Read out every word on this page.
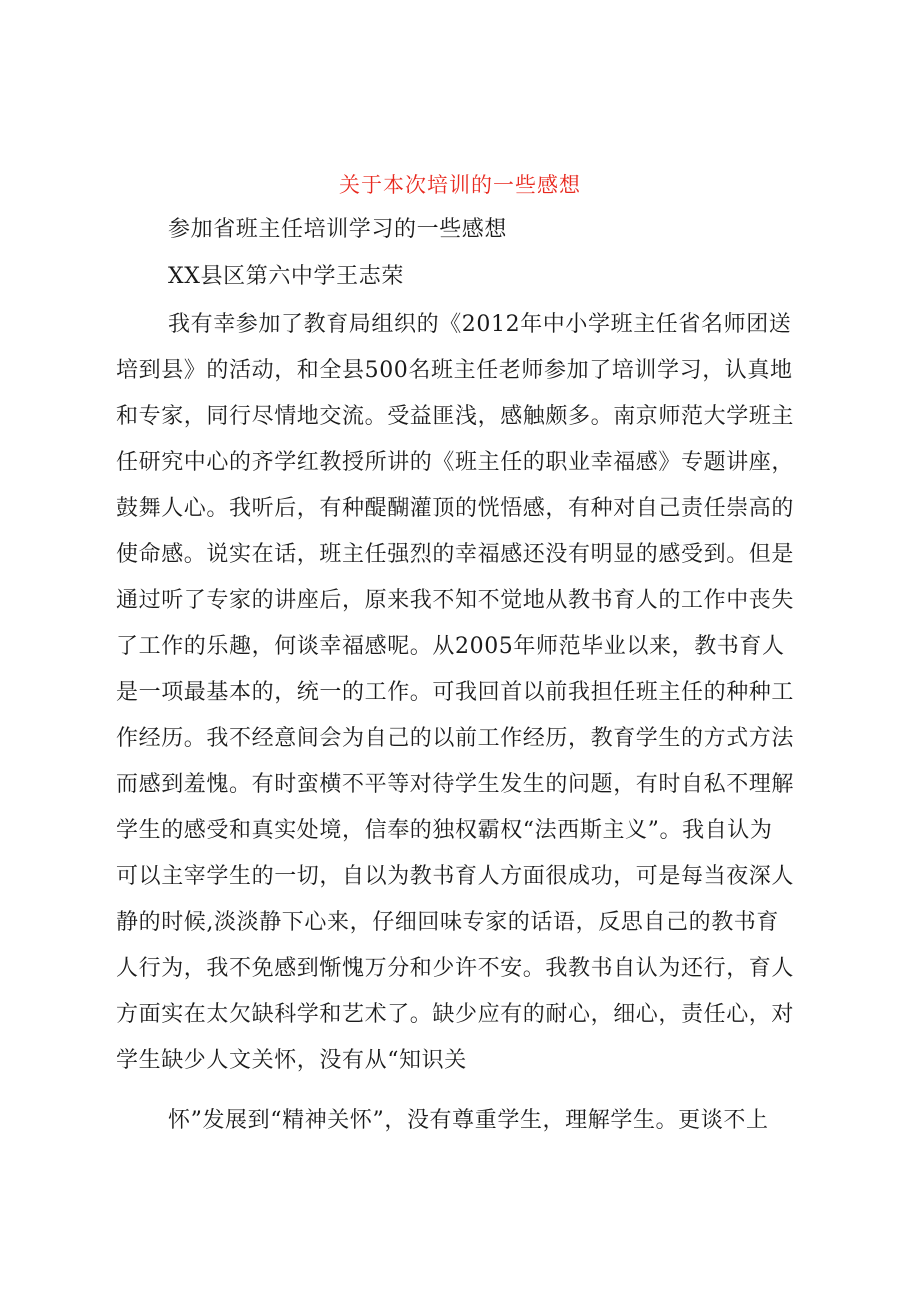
关于本次培训的一些感想
参加省班主任培训学习的一些感想
XX县区第六中学王志荣
我有幸参加了教育局组织的《2012年中小学班主任省名师团送
培到县》的活动，和全县500名班主任老师参加了培训学习，认真地
和专家，同行尽情地交流。受益匪浅，感触颇多。南京师范大学班主
任研究中心的齐学红教授所讲的《班主任的职业幸福感》专题讲座，
鼓舞人心。我听后，有种醍醐灌顶的恍悟感，有种对自己责任崇高的
使命感。说实在话，班主任强烈的幸福感还没有明显的感受到。但是
通过听了专家的讲座后，原来我不知不觉地从教书育人的工作中丧失
了工作的乐趣，何谈幸福感呢。从2005年师范毕业以来，教书育人
是一项最基本的，统一的工作。可我回首以前我担任班主任的种种工
作经历。我不经意间会为自己的以前工作经历，教育学生的方式方法
而感到羞愧。有时蛮横不平等对待学生发生的问题，有时自私不理解
学生的感受和真实处境，信奉的独权霸权“法西斯主义”。我自认为
可以主宰学生的一切，自以为教书育人方面很成功，可是每当夜深人
静的时候,淡淡静下心来，仔细回味专家的话语，反思自己的教书育
人行为，我不免感到惭愧万分和少许不安。我教书自认为还行，育人
方面实在太欠缺科学和艺术了。缺少应有的耐心，细心，责任心，对
学生缺少人文关怀，没有从“知识关
怀”发展到“精神关怀”，没有尊重学生，理解学生。更谈不上
